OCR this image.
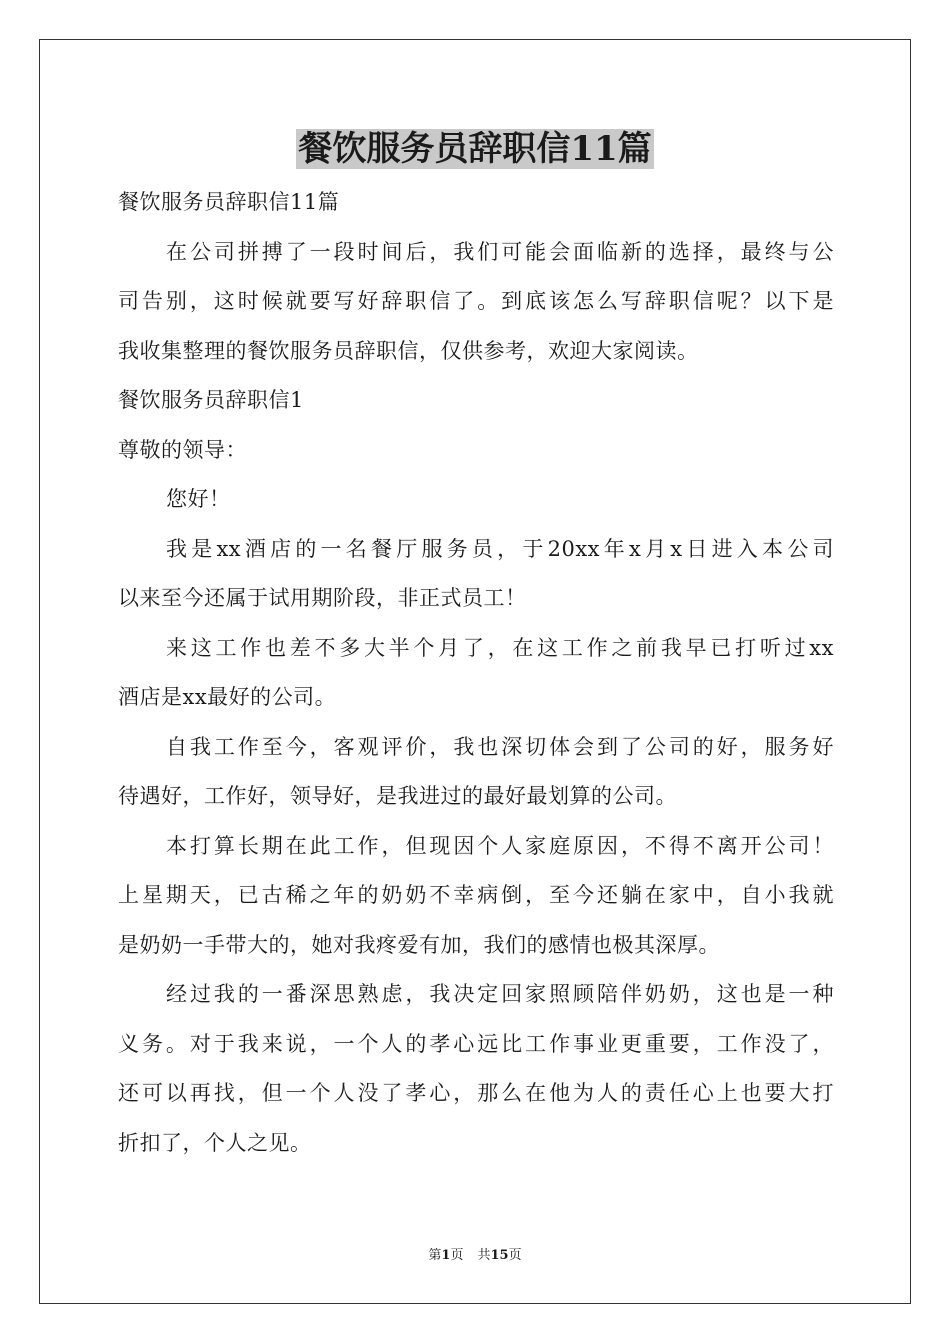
餐饮服务员辞职信11篇
餐饮服务员辞职信11篇
在公司拼搏了一段时间后，我们可能会面临新的选择，最终与公
司告别，这时候就要写好辞职信了。到底该怎么写辞职信呢？以下是
我收集整理的餐饮服务员辞职信，仅供参考，欢迎大家阅读。
餐饮服务员辞职信1
尊敬的领导：
您好！
我是xx酒店的一名餐厅服务员，于20xx年x月x日进入本公司
以来至今还属于试用期阶段，非正式员工！
来这工作也差不多大半个月了，在这工作之前我早已打听过xx
酒店是xx最好的公司。
自我工作至今，客观评价，我也深切体会到了公司的好，服务好
待遇好，工作好，领导好，是我进过的最好最划算的公司。
本打算长期在此工作，但现因个人家庭原因，不得不离开公司！
上星期天，已古稀之年的奶奶不幸病倒，至今还躺在家中，自小我就
是奶奶一手带大的，她对我疼爱有加，我们的感情也极其深厚。
经过我的一番深思熟虑，我决定回家照顾陪伴奶奶，这也是一种
义务。对于我来说，一个人的孝心远比工作事业更重要，工作没了，
还可以再找，但一个人没了孝心，那么在他为人的责任心上也要大打
折扣了，个人之见。
第1页 共15页
